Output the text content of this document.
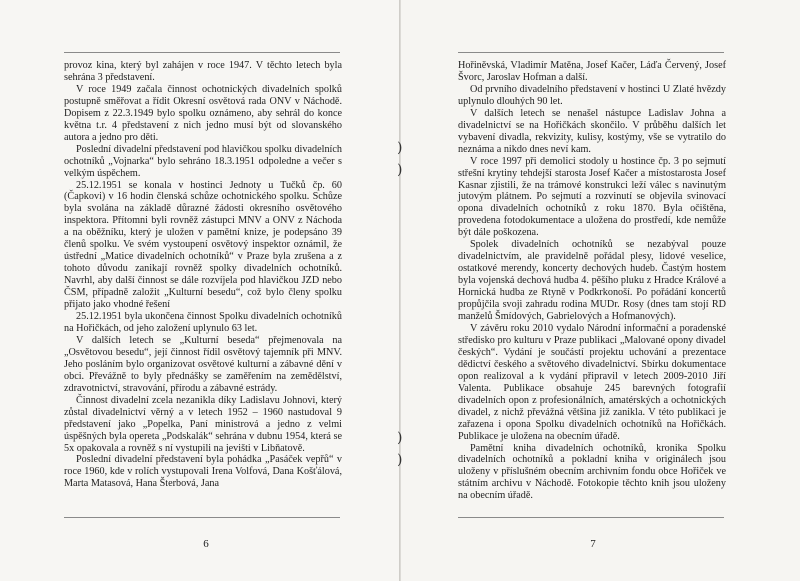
provoz kina, který byl zahájen v roce 1947. V těchto letech byla sehrána 3 představení.

V roce 1949 začala činnost ochotnických divadelních spolků postupně směřovat a řídit Okresní osvětová rada ONV v Náchodě. Dopisem z 22.3.1949 bylo spolku oznámeno, aby sehrál do konce května t.r. 4 představení z nich jedno musí být od slovanského autora a jedno pro děti.

Poslední divadelní představení pod hlavičkou spolku divadelních ochotníků „Vojnarka“ bylo sehráno 18.3.1951 odpoledne a večer s velkým úspěchem.

25.12.1951 se konala v hostinci Jednoty u Tučků čp. 60 (Čapkovi) v 16 hodin členská schůze ochotnického spolku. Schůze byla svolána na základě důrazné žádosti okresního osvětového inspektora. Přítomni byli rovněž zástupci MNV a ONV z Náchoda a na oběžníku, který je uložen v pamětní knize, je podepsáno 39 členů spolku. Ve svém vystoupení osvětový inspektor oznámil, že ústřední „Matice divadelních ochotníků“ v Praze byla zrušena a z tohoto důvodu zanikají rovněž spolky divadelních ochotníků. Navrhl, aby další činnost se dále rozvíjela pod hlavičkou JZD nebo ČSM, případně založit „Kulturní besedu“, což bylo členy spolku přijato jako vhodné řešení

25.12.1951 byla ukončena činnost Spolku divadelních ochotníků na Hořičkách, od jeho založení uplynulo 63 let.

V dalších letech se „Kulturní beseda“ přejmenovala na „Osvětovou besedu“, její činnost řídil osvětový tajemník při MNV. Jeho posláním bylo organizovat osvětové kulturní a zábavné dění v obci. Převážně to byly přednášky se zaměřením na zemědělství, zdravotnictví, stravování, přírodu a zábavné estrády.

Činnost divadelní zcela nezanikla díky Ladislavu Johnovi, který zůstal divadelnictví věrný a v letech 1952 – 1960 nastudoval 9 představení jako „Popelka, Paní ministrová a jedno z velmi úspěšných byla opereta „Podskalák“ sehrána v dubnu 1954, která se 5x opakovala a rovněž s ní vystupili na jevišti v Libňatově.

Poslední divadelní představení byla pohádka „Pasáček vepřů“ v roce 1960, kde v rolích vystupovali Irena Volfová, Dana Košťálová, Marta Matasová, Hana Šterbová, Jana

6

Hořiněvská, Vladimír Matěna, Josef Kačer, Láďa Červený, Josef Švorc, Jaroslav Hofman a další.

Od prvního divadelního představení v hostinci U Zlaté hvězdy uplynulo dlouhých 90 let.

V dalších letech se nenašel nástupce Ladislav Johna a divadelnictví se na Hořičkách skončilo. V průběhu dalších let vybavení divadla, rekvizity, kulisy, kostýmy, vše se vytratilo do neznáma a nikdo dnes neví kam.

V roce 1997 při demolici stodoly u hostince čp. 3 po sejmutí střešní krytiny tehdejší starosta Josef Kačer a místostarosta Josef Kasnar zjistili, že na trámové konstrukci leží válec s navinutým jutovým plátnem. Po sejmutí a rozvinutí se objevila svinovací opona divadelních ochotníků z roku 1870. Byla očištěna, provedena fotodokumentace a uložena do prostředí, kde nemůže být dále poškozena.

Spolek divadelních ochotníků se nezabýval pouze divadelnictvím, ale pravidelně pořádal plesy, lidové veselice, ostatkové merendy, koncerty dechových hudeb. Častým hostem byla vojenská dechová hudba 4. pěšího pluku z Hradce Králové a Hornická hudba ze Rtyně v Podkrkonoší. Po pořádání koncertů propůjčila svoji zahradu rodina MUDr. Rosy (dnes tam stojí RD manželů Šmídových, Gabrielových a Hofmanových).

V závěru roku 2010 vydalo Národní informační a poradenské středisko pro kulturu v Praze publikaci „Malované opony divadel českých“. Vydání je součástí projektu uchování a prezentace dědictví českého a světového divadelnictví. Sbírku dokumentace opon realizoval a k vydání připravil v letech 2009-2010 Jiří Valenta. Publikace obsahuje 245 barevných fotografií divadelních opon z profesionálních, amatérských a ochotnických divadel, z nichž převážná většina již zanikla. V této publikaci je zařazena i opona Spolku divadelních ochotníků na Hořičkách. Publikace je uložena na obecním úřadě.

Pamětní kniha divadelních ochotníků, kronika Spolku divadelních ochotníků a pokladní kniha v originálech jsou uloženy v příslušném obecním archivním fondu obce Hořiček ve státním archivu v Náchodě. Fotokopie těchto knih jsou uloženy na obecním úřadě.

7
)
)
)
)
